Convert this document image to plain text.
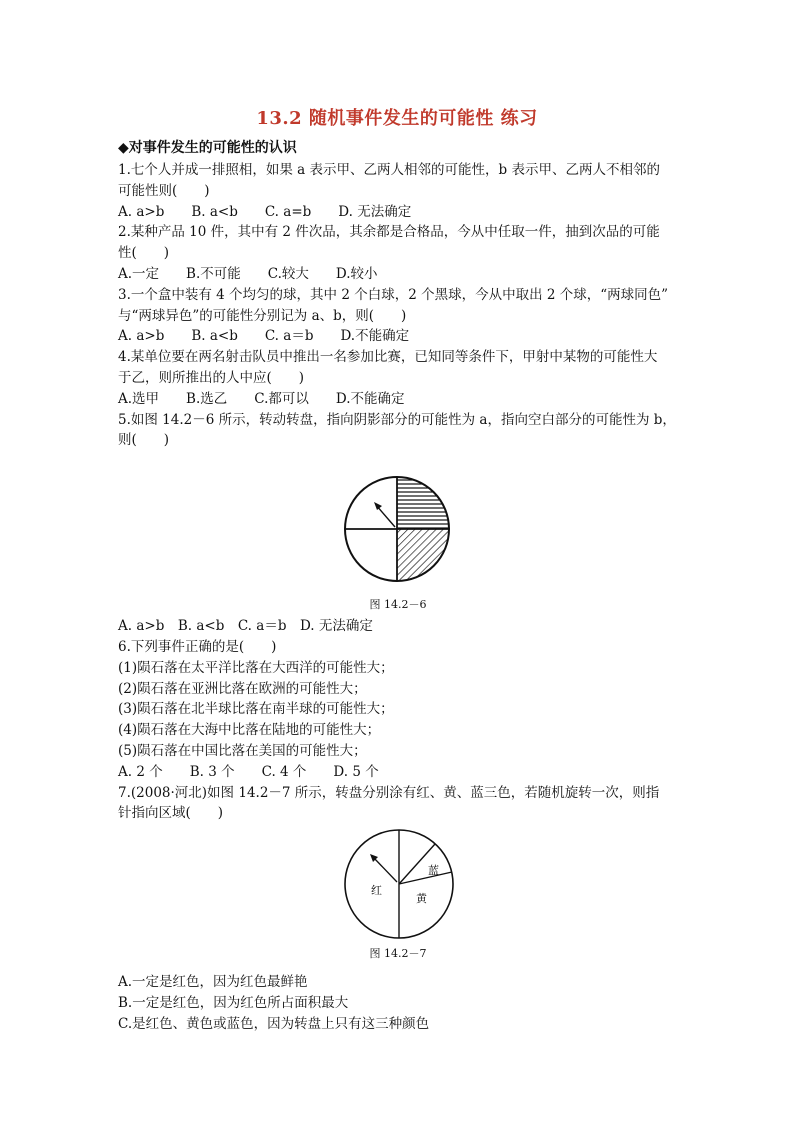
13.2 随机事件发生的可能性 练习

◆对事件发生的可能性的认识

1.七个人并成一排照相，如果 a 表示甲、乙两人相邻的可能性，b 表示甲、乙两人不相邻的

可能性则(　　)

A. a>b　　B. a<b　　C. a=b　　D. 无法确定

2.某种产品 10 件，其中有 2 件次品，其余都是合格品，今从中任取一件，抽到次品的可能

性(　　)

A.一定　　B.不可能　　C.较大　　D.较小

3.一个盒中装有 4 个均匀的球，其中 2 个白球，2 个黑球，今从中取出 2 个球，“两球同色”

与“两球异色”的可能性分别记为 a、b，则(　　)

A. a>b　　B. a<b　　C. a＝b　　D.不能确定

4.某单位要在两名射击队员中推出一名参加比赛，已知同等条件下，甲射中某物的可能性大

于乙，则所推出的人中应(　　)

A.选甲　　B.选乙　　C.都可以　　D.不能确定

5.如图 14.2－6 所示，转动转盘，指向阴影部分的可能性为 a，指向空白部分的可能性为 b，

则(　　)

图 14.2－6

A. a>b　B. a<b　C. a＝b　D. 无法确定

6.下列事件正确的是(　　)

(1)陨石落在太平洋比落在大西洋的可能性大；

(2)陨石落在亚洲比落在欧洲的可能性大；

(3)陨石落在北半球比落在南半球的可能性大；

(4)陨石落在大海中比落在陆地的可能性大；

(5)陨石落在中国比落在美国的可能性大；

A. 2 个　　B. 3 个　　C. 4 个　　D. 5 个

7.(2008·河北)如图 14.2－7 所示，转盘分别涂有红、黄、蓝三色，若随机旋转一次，则指

针指向区域(　　)

红
黄
蓝
图 14.2－7

A.一定是红色，因为红色最鲜艳

B.一定是红色，因为红色所占面积最大

C.是红色、黄色或蓝色，因为转盘上只有这三种颜色
